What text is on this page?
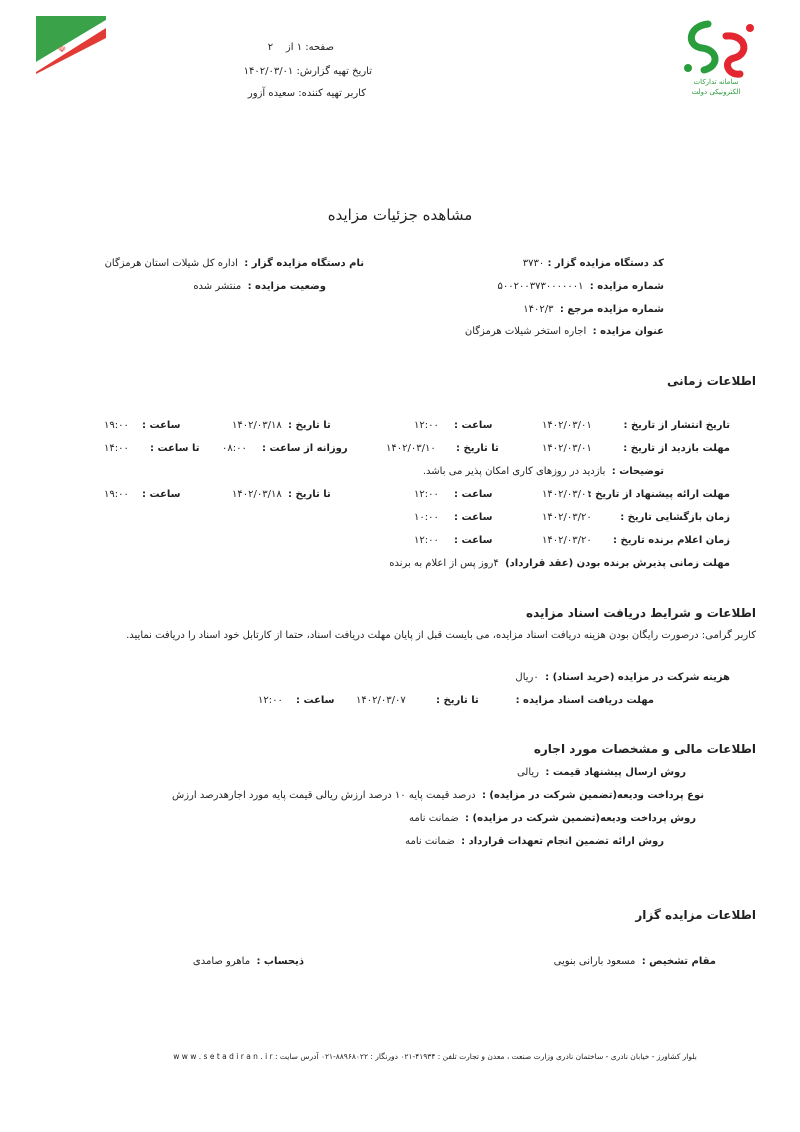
☫
سامانه تدارکات
الکترونیکی دولت
صفحه: ۱ از    ۲
تاریخ تهیه گزارش: ۱۴۰۲/۰۳/۰۱
کاربر تهیه کننده: سعیده آزور
مشاهده جزئیات مزایده
کد دستگاه مزایده گزار : ۳۷۳۰
نام دستگاه مزایده گزار :  اداره کل شیلات استان هرمزگان
شماره مزایده :  ۵۰۰۲۰۰۳۷۳۰۰۰۰۰۰۱
وضعیت مزایده :  منتشر شده
شماره مزایده مرجع :  ۱۴۰۲/۳
عنوان مزایده :  اجاره استخر شیلات هرمزگان
اطلاعات زمانی
تاریخ انتشار از تاریخ :
۱۴۰۲/۰۳/۰۱
ساعت :
۱۲:۰۰
تا تاریخ :
۱۴۰۲/۰۳/۱۸
ساعت :
۱۹:۰۰
مهلت بازدید از تاریخ :
۱۴۰۲/۰۳/۰۱
تا تاریخ :
۱۴۰۲/۰۳/۱۰
روزانه از ساعت :
۰۸:۰۰
تا ساعت :
۱۴:۰۰
توضیحات :  بازدید در روزهای کاری امکان پذیر می باشد.
مهلت ارائه پیشنهاد از تاریخ :
۱۴۰۲/۰۳/۰۱
ساعت :
۱۲:۰۰
تا تاریخ :
۱۴۰۲/۰۳/۱۸
ساعت :
۱۹:۰۰
زمان بازگشایی تاریخ :
۱۴۰۲/۰۳/۲۰
ساعت :
۱۰:۰۰
زمان اعلام برنده تاریخ :
۱۴۰۲/۰۳/۲۰
ساعت :
۱۲:۰۰
مهلت زمانی پذیرش برنده بودن (عقد قرارداد)  ۴روز پس از اعلام به برنده
اطلاعات و شرایط دریافت اسناد مزایده
کاربر گرامی: درصورت رایگان بودن هزینه دریافت اسناد مزایده، می بایست قبل از پایان مهلت دریافت اسناد، حتما از کارتابل خود اسناد را دریافت نمایید.
هزینه شرکت در مزایده (خرید اسناد) :  ۰ریال
مهلت دریافت اسناد مزایده :
تا تاریخ :
۱۴۰۲/۰۳/۰۷
ساعت :
۱۲:۰۰
اطلاعات مالی و مشخصات مورد اجاره
روش ارسال پیشنهاد قیمت :  ریالی
نوع پرداخت ودیعه(تضمین شرکت در مزایده) :  درصد قیمت پایه ۱۰ درصد ارزش ریالی قیمت پایه مورد اجارهدرصد ارزش
روش پرداخت ودیعه(تضمین شرکت در مزایده) :  ضمانت نامه
روش ارائه تضمین انجام تعهدات قرارداد :  ضمانت نامه
اطلاعات مزایده گزار
مقام تشخیص :  مسعود بارانی بنویی
ذیحساب :  ماهرو صامدی
بلوار کشاورز - خیابان نادری - ساختمان نادری وزارت صنعت ، معدن و تجارت تلفن : ۴۱۹۳۴-۰۲۱ دورنگار : ۸۸۹۶۸۰۲۲-۰۲۱ آدرس سایت : w w w . s e t a d i r a n . i r
